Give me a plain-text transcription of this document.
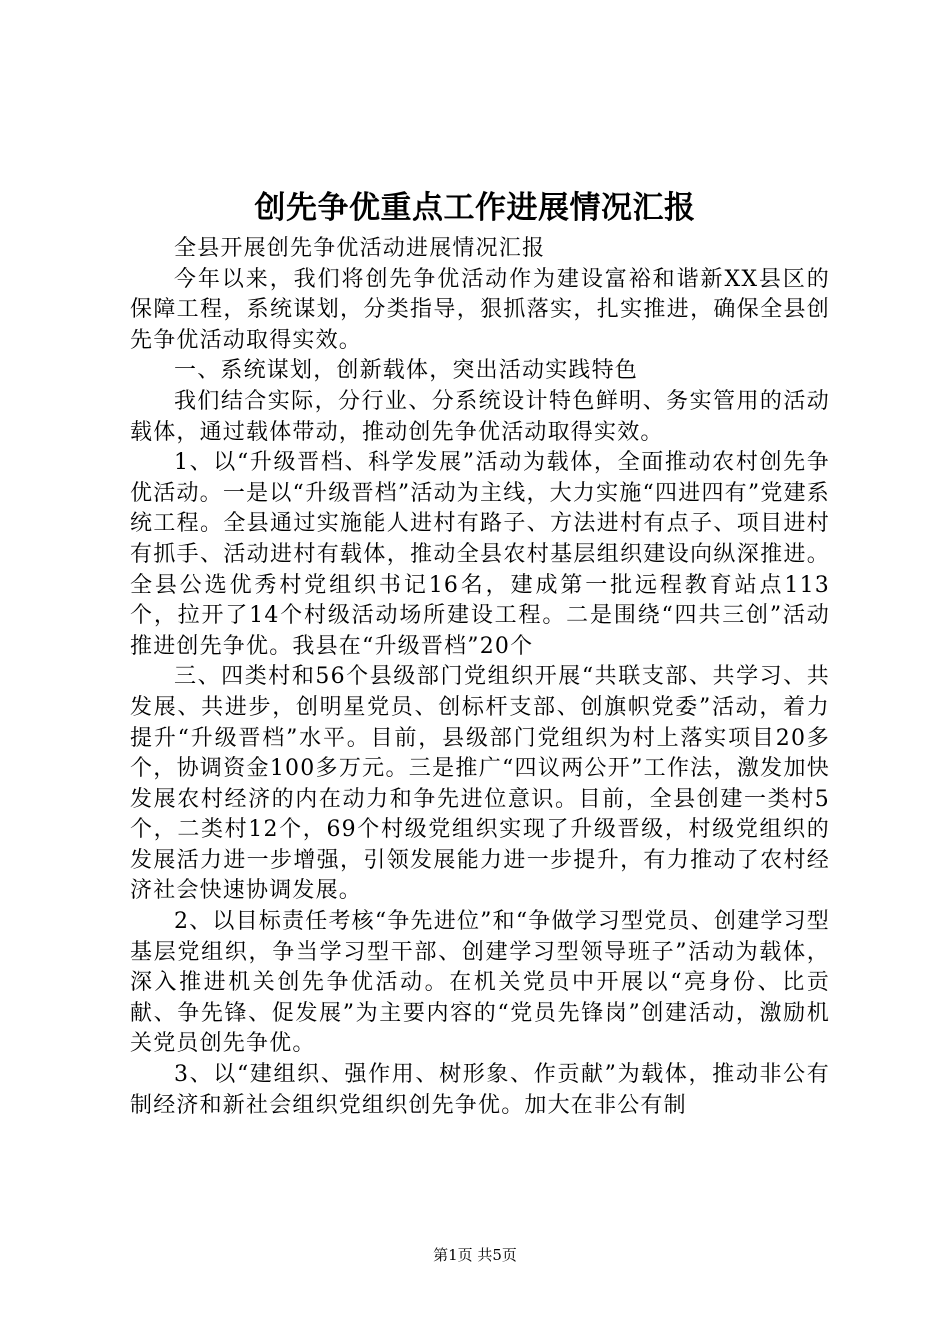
创先争优重点工作进展情况汇报

全县开展创先争优活动进展情况汇报

今年以来，我们将创先争优活动作为建设富裕和谐新XX县区的保障工程，系统谋划，分类指导，狠抓落实，扎实推进，确保全县创先争优活动取得实效。

一、系统谋划，创新载体，突出活动实践特色

我们结合实际，分行业、分系统设计特色鲜明、务实管用的活动载体，通过载体带动，推动创先争优活动取得实效。

1、以“升级晋档、科学发展”活动为载体，全面推动农村创先争优活动。一是以“升级晋档”活动为主线，大力实施“四进四有”党建系统工程。全县通过实施能人进村有路子、方法进村有点子、项目进村有抓手、活动进村有载体，推动全县农村基层组织建设向纵深推进。全县公选优秀村党组织书记16名，建成第一批远程教育站点113个，拉开了14个村级活动场所建设工程。二是围绕“四共三创”活动推进创先争优。我县在“升级晋档”20个

三、四类村和56个县级部门党组织开展“共联支部、共学习、共发展、共进步，创明星党员、创标杆支部、创旗帜党委”活动，着力提升“升级晋档”水平。目前，县级部门党组织为村上落实项目20多个，协调资金100多万元。三是推广“四议两公开”工作法，激发加快发展农村经济的内在动力和争先进位意识。目前，全县创建一类村5个，二类村12个，69个村级党组织实现了升级晋级，村级党组织的发展活力进一步增强，引领发展能力进一步提升，有力推动了农村经济社会快速协调发展。

2、以目标责任考核“争先进位”和“争做学习型党员、创建学习型基层党组织，争当学习型干部、创建学习型领导班子”活动为载体，深入推进机关创先争优活动。在机关党员中开展以“亮身份、比贡献、争先锋、促发展”为主要内容的“党员先锋岗”创建活动，激励机关党员创先争优。

3、以“建组织、强作用、树形象、作贡献”为载体，推动非公有制经济和新社会组织党组织创先争优。加大在非公有制

第1页 共5页
